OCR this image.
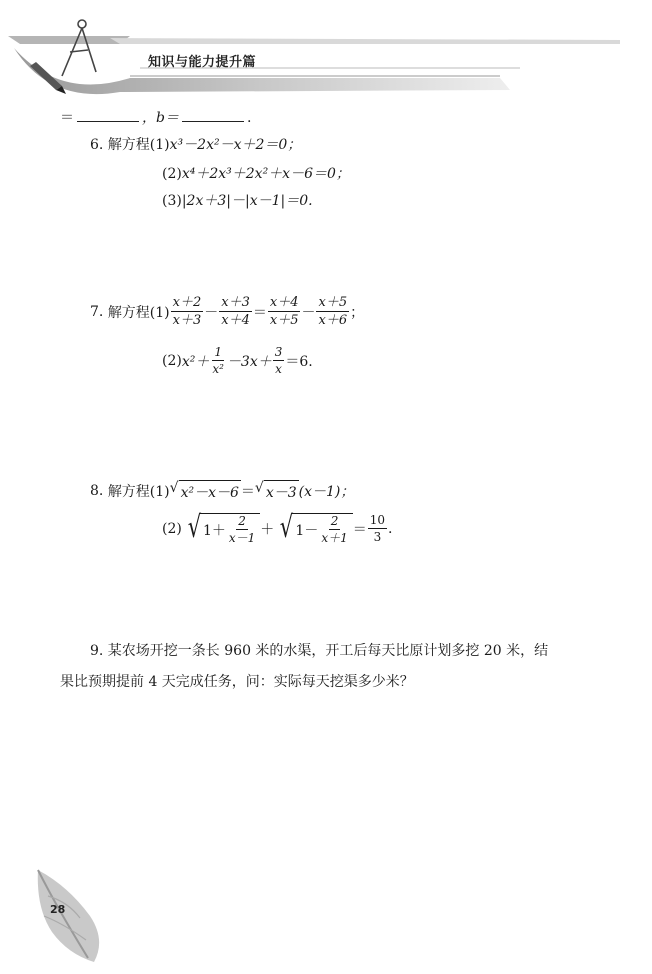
知识与能力提升篇
＝	，b＝	.
6. 解方程(1)x³－2x²－x＋2＝0；
(2)x⁴＋2x³＋2x²＋x－6＝0；
(3)|2x＋3|－|x－1|＝0.
7.
解方程$(1) \frac{x+2}{x+3} - \frac{x+3}{x+4} = \frac{x+4}{x+5} - \frac{x+5}{x+6}$ ；
(2) $x^2+ \frac{1}{\text{x²}} -3x+ \frac{3}{x} =6$.
8.
解方程(1) √ x²－x－6 ＝ √ x－3 (x－1)；
(2) √ $1+ \frac{2}{x-1}$ ＋ √ $1- \frac{2}{x+1} = \frac{10}{3}$ .
9. 某农场开挖一条长 960 米的水渠，开工后每天比原计划多挖 20 米，结
果比预期提前 4 天完成任务，问：实际每天挖渠多少米？
28
